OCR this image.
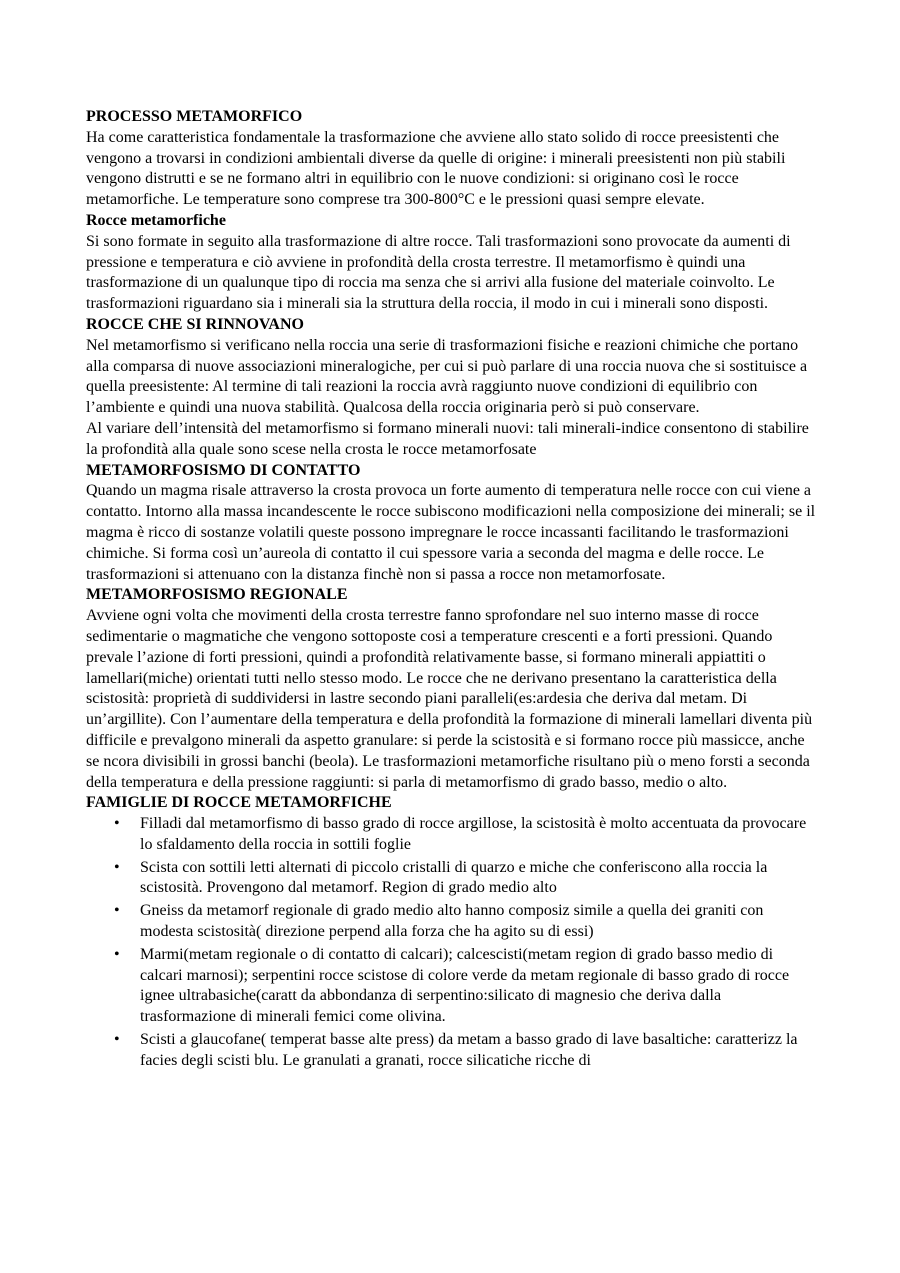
PROCESSO METAMORFICO

Ha come caratteristica fondamentale la trasformazione che avviene allo stato solido di rocce preesistenti che vengono a trovarsi in condizioni ambientali diverse da quelle di origine: i minerali preesistenti non più stabili vengono distrutti e se ne formano altri in equilibrio con le nuove condizioni: si originano così le rocce metamorfiche. Le temperature sono comprese tra 300-800°C e le pressioni quasi sempre elevate.

Rocce metamorfiche

Si sono formate in seguito alla trasformazione di altre rocce. Tali trasformazioni sono provocate da aumenti di pressione e temperatura e ciò avviene in profondità della crosta terrestre. Il metamorfismo è quindi una trasformazione di un qualunque tipo di roccia ma senza che si arrivi alla fusione del materiale coinvolto. Le trasformazioni riguardano sia i minerali sia la struttura della roccia, il modo in cui i minerali sono disposti.

ROCCE CHE SI RINNOVANO

Nel metamorfismo si verificano nella roccia una serie di trasformazioni fisiche e reazioni chimiche che portano alla comparsa di nuove associazioni mineralogiche, per cui si può parlare di una roccia nuova che si sostituisce a quella preesistente: Al termine di tali reazioni la roccia avrà raggiunto nuove condizioni di equilibrio con l’ambiente e quindi una nuova stabilità. Qualcosa della roccia originaria però si può conservare.

Al variare dell’intensità del metamorfismo si formano minerali nuovi: tali minerali-indice consentono di stabilire la profondità alla quale sono scese nella crosta le rocce metamorfosate

METAMORFOSISMO DI CONTATTO

Quando un magma risale attraverso la crosta provoca un forte aumento di temperatura nelle rocce con cui viene a contatto. Intorno alla massa incandescente le rocce subiscono modificazioni nella composizione dei minerali; se il magma è ricco di sostanze volatili queste possono impregnare le rocce incassanti facilitando le trasformazioni chimiche. Si forma così un’aureola di contatto il cui spessore varia a seconda del magma e delle rocce. Le trasformazioni si attenuano con la distanza finchè non si passa a rocce non metamorfosate.

METAMORFOSISMO REGIONALE

Avviene ogni volta che movimenti della crosta terrestre fanno sprofondare nel suo interno masse di rocce sedimentarie o magmatiche che vengono sottoposte cosi a temperature crescenti e a forti pressioni. Quando prevale l’azione di forti pressioni, quindi a profondità relativamente basse, si formano minerali appiattiti o lamellari(miche) orientati tutti nello stesso modo. Le rocce che ne derivano presentano la caratteristica della scistosità: proprietà di suddividersi in lastre secondo piani paralleli(es:ardesia che deriva dal metam. Di un’argillite). Con l’aumentare della temperatura e della profondità la formazione di minerali lamellari diventa più difficile e prevalgono minerali da aspetto granulare: si perde la scistosità e si formano rocce più massicce, anche se ncora divisibili in grossi banchi (beola). Le trasformazioni metamorfiche risultano più o meno forsti a seconda della temperatura e della pressione raggiunti: si parla di metamorfismo di grado basso, medio o alto.

FAMIGLIE DI ROCCE METAMORFICHE

• Filladi dal metamorfismo di basso grado di rocce argillose, la scistosità è molto accentuata da provocare lo sfaldamento della roccia in sottili foglie
• Scista con sottili letti alternati di piccolo cristalli di quarzo e miche che conferiscono alla roccia la scistosità. Provengono dal metamorf. Region di grado medio alto
• Gneiss da metamorf regionale di grado medio alto hanno composiz simile a quella dei graniti con modesta scistosità( direzione perpend alla forza che ha agito su di essi)
• Marmi(metam regionale o di contatto di calcari); calcescisti(metam region di grado basso medio di calcari marnosi); serpentini rocce scistose di colore verde da metam regionale di basso grado di rocce ignee ultrabasiche(caratt da abbondanza di serpentino:silicato di magnesio che deriva dalla trasformazione di minerali femici come olivina.
• Scisti a glaucofane( temperat basse alte press) da metam a basso grado di lave basaltiche: caratterizz la facies degli scisti blu. Le granulati a granati, rocce silicatiche ricche di
